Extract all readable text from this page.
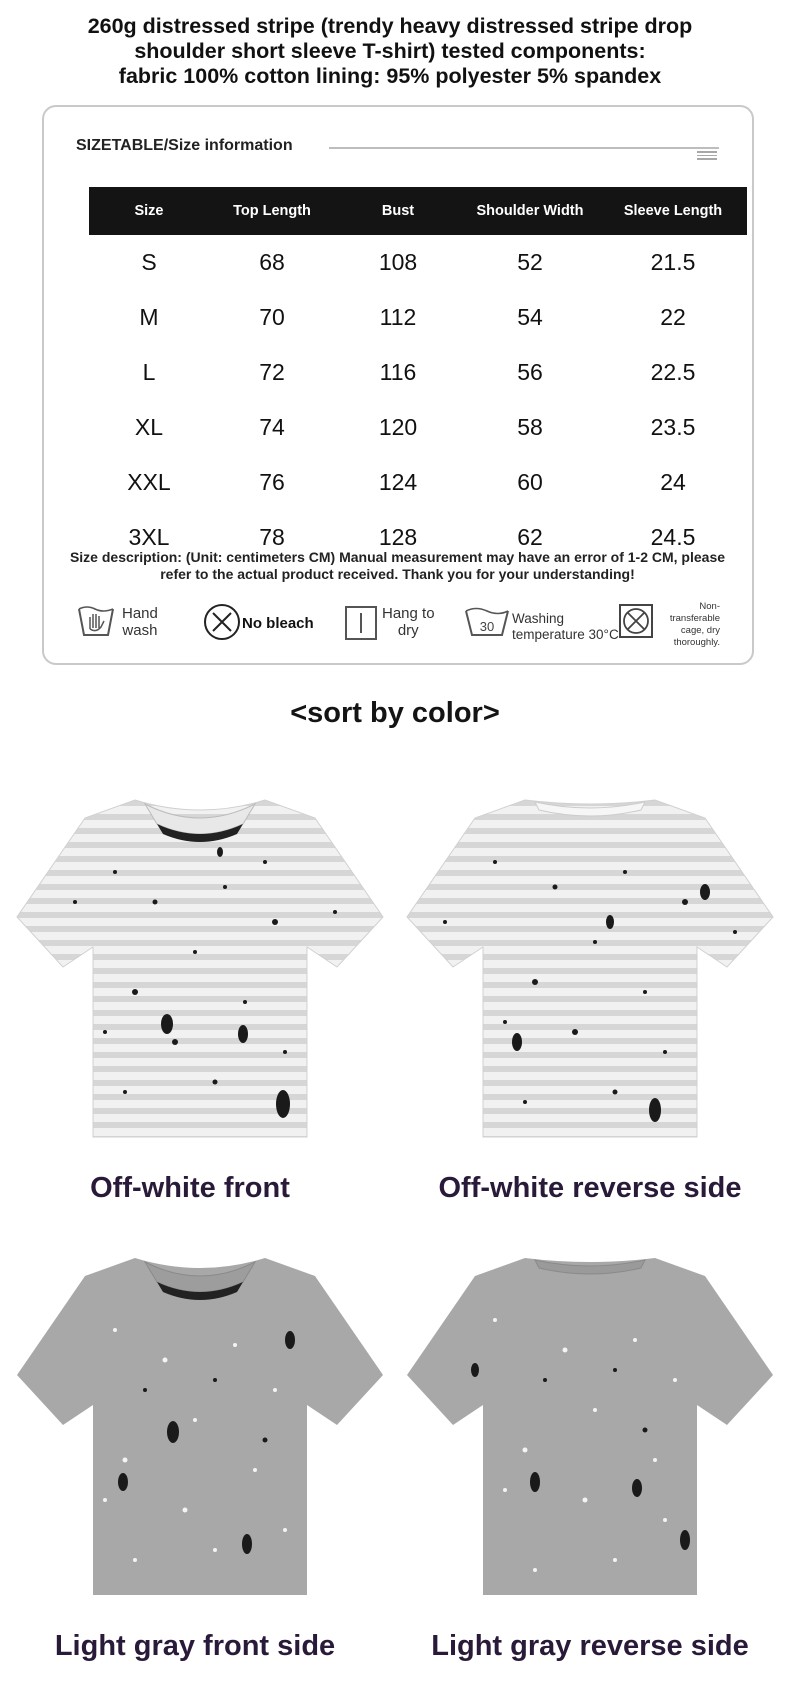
260g distressed stripe (trendy heavy distressed stripe drop
shoulder short sleeve T-shirt) tested components:
fabric 100% cotton lining: 95% polyester 5% spandex
SIZETABLE/Size information
Size	Top Length	Bust	Shoulder Width	Sleeve Length
S	68	108	52	21.5
M	70	112	54	22
L	72	116	56	22.5
XL	74	120	58	23.5
XXL	76	124	60	24
3XL	78	128	62	24.5
Size description: (Unit: centimeters CM) Manual measurement may have an error of 1-2 CM, please
refer to the actual product received. Thank you for your understanding!
Hand
wash	No bleach
Hang to
dry	30
Washing
temperature 30°C
Non-
transferable
cage, dry
thoroughly.
<sort by color>
Off-white front	Off-white reverse side
Light gray front side	Light gray reverse side
